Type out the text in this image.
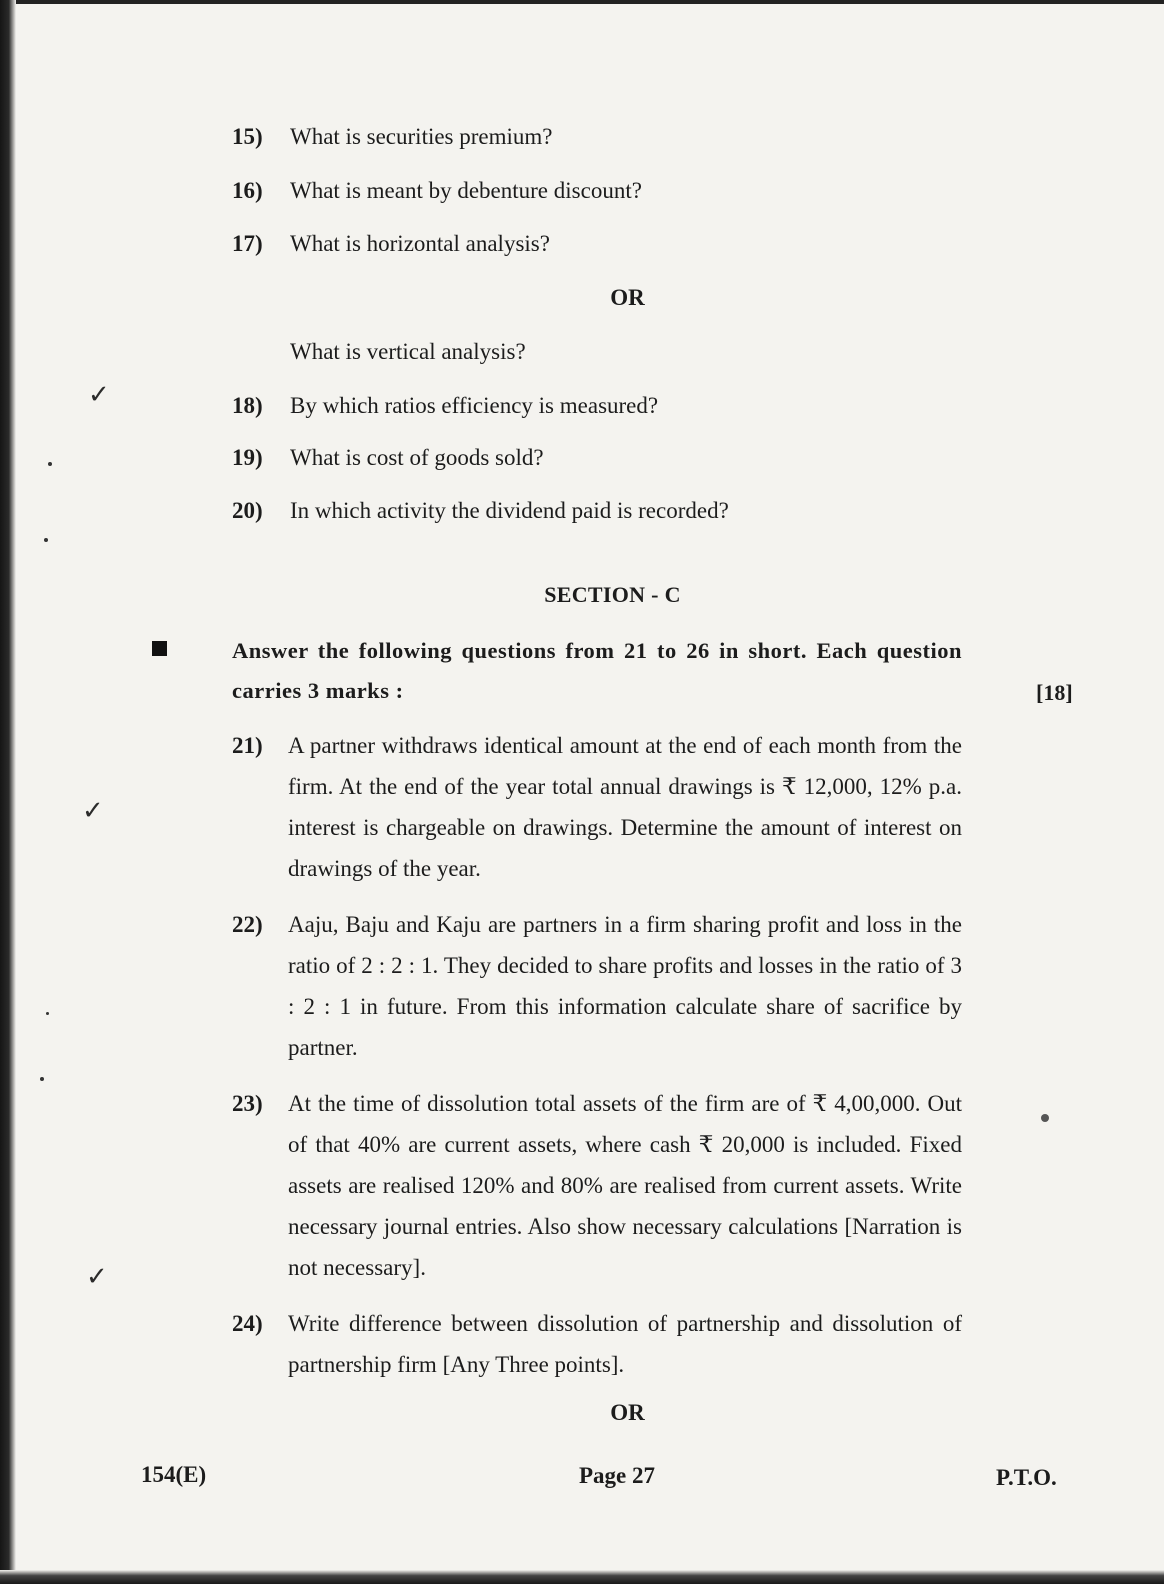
✓
✓
✓
15) What is securities premium?
16) What is meant by debenture discount?
17) What is horizontal analysis?
OR
What is vertical analysis?
18) By which ratios efficiency is measured?
19) What is cost of goods sold?
20) In which activity the dividend paid is recorded?
SECTION - C
Answer the following questions from 21 to 26 in short. Each question carries 3 marks :	[18]
21) A partner withdraws identical amount at the end of each month from the firm. At the end of the year total annual drawings is ₹ 12,000, 12% p.a. interest is chargeable on drawings. Determine the amount of interest on drawings of the year.
22) Aaju, Baju and Kaju are partners in a firm sharing profit and loss in the ratio of 2 : 2 : 1. They decided to share profits and losses in the ratio of 3 : 2 : 1 in future. From this information calculate share of sacrifice by partner.
23) At the time of dissolution total assets of the firm are of ₹ 4,00,000. Out of that 40% are current assets, where cash ₹ 20,000 is included. Fixed assets are realised 120% and 80% are realised from current assets. Write necessary journal entries. Also show necessary calculations [Narration is not necessary].
24) Write difference between dissolution of partnership and dissolution of partnership firm [Any Three points].
OR
154(E)	Page 27	P.T.O.
